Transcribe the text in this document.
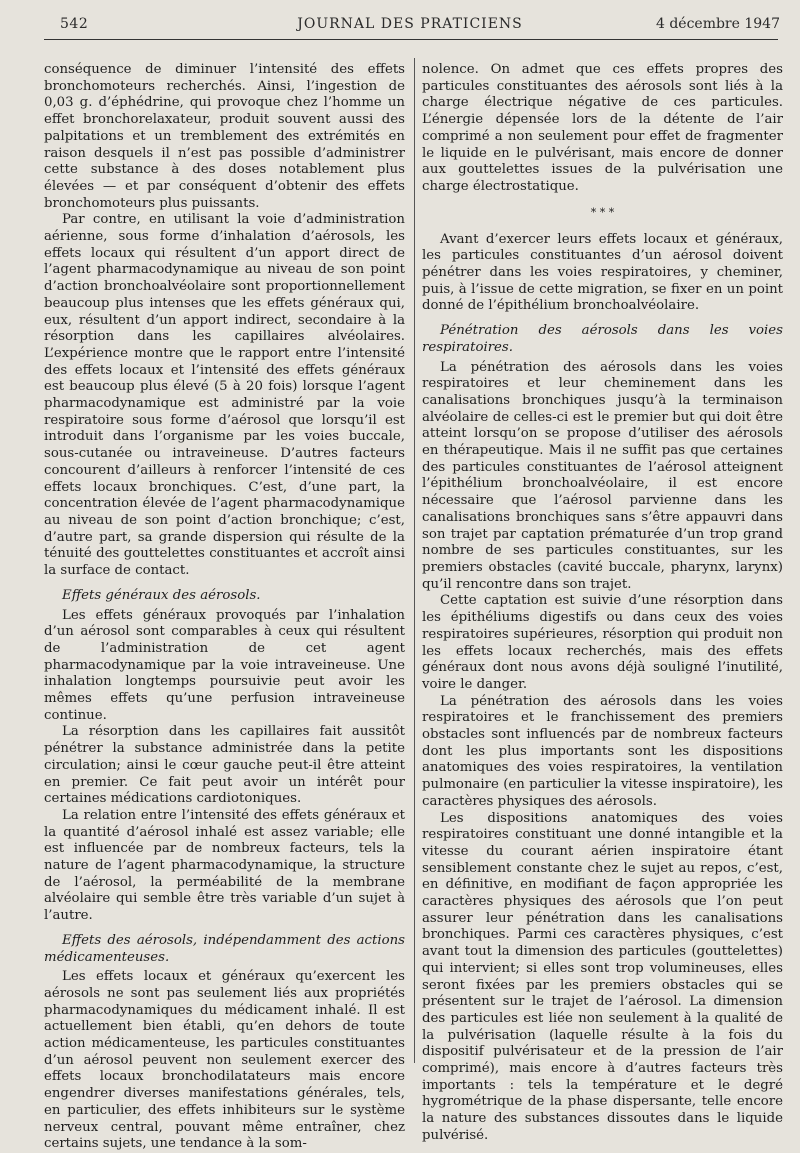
542	JOURNAL DES PRATICIENS	4 décembre 1947

conséquence de diminuer l’intensité des effets bronchomoteurs recherchés. Ainsi, l’ingestion de 0,03 g. d’éphédrine, qui provoque chez l’homme un effet bronchorelaxateur, produit souvent aussi des palpitations et un tremblement des extrémités en raison desquels il n’est pas possible d’administrer cette substance à des doses notablement plus élevées — et par conséquent d’obtenir des effets bronchomoteurs plus puissants.

Par contre, en utilisant la voie d’administration aérienne, sous forme d’inhalation d’aérosols, les effets locaux qui résultent d’un apport direct de l’agent pharmacodynamique au niveau de son point d’action bronchoalvéolaire sont proportionnellement beaucoup plus intenses que les effets généraux qui, eux, résultent d’un apport indirect, secondaire à la résorption dans les capillaires alvéolaires. L’expérience montre que le rapport entre l’intensité des effets locaux et l’intensité des effets généraux est beaucoup plus élevé (5 à 20 fois) lorsque l’agent pharmacodynamique est administré par la voie respiratoire sous forme d’aérosol que lorsqu’il est introduit dans l’organisme par les voies buccale, sous-cutanée ou intraveineuse. D’autres facteurs concourent d’ailleurs à renforcer l’intensité de ces effets locaux bronchiques. C’est, d’une part, la concentration élevée de l’agent pharmacodynamique au niveau de son point d’action bronchique; c’est, d’autre part, sa grande dispersion qui résulte de la ténuité des gouttelettes constituantes et accroît ainsi la surface de contact.

Effets généraux des aérosols.

Les effets généraux provoqués par l’inhalation d’un aérosol sont comparables à ceux qui résultent de l’administration de cet agent pharmacodynamique par la voie intraveineuse. Une inhalation longtemps poursuivie peut avoir les mêmes effets qu’une perfusion intraveineuse continue.

La résorption dans les capillaires fait aussitôt pénétrer la substance administrée dans la petite circulation; ainsi le cœur gauche peut-il être atteint en premier. Ce fait peut avoir un intérêt pour certaines médications cardiotoniques.

La relation entre l’intensité des effets généraux et la quantité d’aérosol inhalé est assez variable; elle est influencée par de nombreux facteurs, tels la nature de l’agent pharmacodynamique, la structure de l’aérosol, la perméabilité de la membrane alvéolaire qui semble être très variable d’un sujet à l’autre.

Effets des aérosols, indépendamment des actions médicamenteuses.

Les effets locaux et généraux qu’exercent les aérosols ne sont pas seulement liés aux propriétés pharmacodynamiques du médicament inhalé. Il est actuellement bien établi, qu’en dehors de toute action médicamenteuse, les particules constituantes d’un aérosol peuvent non seulement exercer des effets locaux bronchodilatateurs mais encore engendrer diverses manifestations générales, tels, en particulier, des effets inhibiteurs sur le système nerveux central, pouvant même entraîner, chez certains sujets, une tendance à la som-

nolence. On admet que ces effets propres des particules constituantes des aérosols sont liés à la charge électrique négative de ces particules. L’énergie dépensée lors de la détente de l’air comprimé a non seulement pour effet de fragmenter le liquide en le pulvérisant, mais encore de donner aux gouttelettes issues de la pulvérisation une charge électrostatique.

* * *

Avant d’exercer leurs effets locaux et généraux, les particules constituantes d’un aérosol doivent pénétrer dans les voies respiratoires, y cheminer, puis, à l’issue de cette migration, se fixer en un point donné de l’épithélium bronchoalvéolaire.

Pénétration des aérosols dans les voies respiratoires.

La pénétration des aérosols dans les voies respiratoires et leur cheminement dans les canalisations bronchiques jusqu’à la terminaison alvéolaire de celles-ci est le premier but qui doit être atteint lorsqu’on se propose d’utiliser des aérosols en thérapeutique. Mais il ne suffit pas que certaines des particules constituantes de l’aérosol atteignent l’épithélium bronchoalvéolaire, il est encore nécessaire que l’aérosol parvienne dans les canalisations bronchiques sans s’être appauvri dans son trajet par captation prématurée d’un trop grand nombre de ses particules constituantes, sur les premiers obstacles (cavité buccale, pharynx, larynx) qu’il rencontre dans son trajet.

Cette captation est suivie d’une résorption dans les épithéliums digestifs ou dans ceux des voies respiratoires supérieures, résorption qui produit non les effets locaux recherchés, mais des effets généraux dont nous avons déjà souligné l’inutilité, voire le danger.

La pénétration des aérosols dans les voies respiratoires et le franchissement des premiers obstacles sont influencés par de nombreux facteurs dont les plus importants sont les dispositions anatomiques des voies respiratoires, la ventilation pulmonaire (en particulier la vitesse inspiratoire), les caractères physiques des aérosols.

Les dispositions anatomiques des voies respiratoires constituant une donné intangible et la vitesse du courant aérien inspiratoire étant sensiblement constante chez le sujet au repos, c’est, en définitive, en modifiant de façon appropriée les caractères physiques des aérosols que l’on peut assurer leur pénétration dans les canalisations bronchiques. Parmi ces caractères physiques, c’est avant tout la dimension des particules (gouttelettes) qui intervient; si elles sont trop volumineuses, elles seront fixées par les premiers obstacles qui se présentent sur le trajet de l’aérosol. La dimension des particules est liée non seulement à la qualité de la pulvérisation (laquelle résulte à la fois du dispositif pulvérisateur et de la pression de l’air comprimé), mais encore à d’autres facteurs très importants : tels la température et le degré hygrométrique de la phase dispersante, telle encore la nature des substances dissoutes dans le liquide pulvérisé.
